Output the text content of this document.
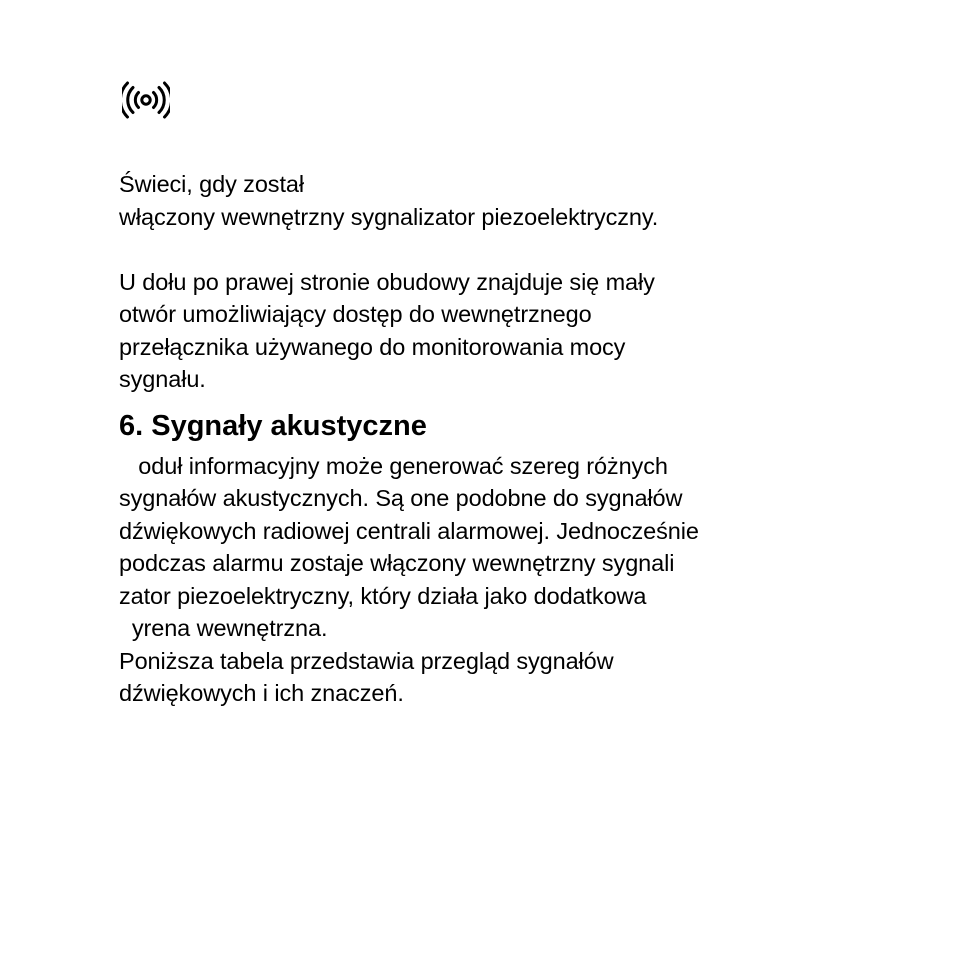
Świeci, gdy został
włączony wewnętrzny sygnalizator piezoelektryczny.
U dołu po prawej stronie obudowy znajduje się mały
otwór umożliwiający dostęp do wewnętrznego
przełącznika używanego do monitorowania mocy
sygnału.
6. Sygnały akustyczne
oduł informacyjny może generować szereg różnych
sygnałów akustycznych. Są one podobne do sygnałów
dźwiękowych radiowej centrali alarmowej. Jednocześnie
podczas alarmu zostaje włączony wewnętrzny sygnali
zator piezoelektryczny, który działa jako dodatkowa
yrena wewnętrzna.
Poniższa tabela przedstawia przegląd sygnałów
dźwiękowych i ich znaczeń.
